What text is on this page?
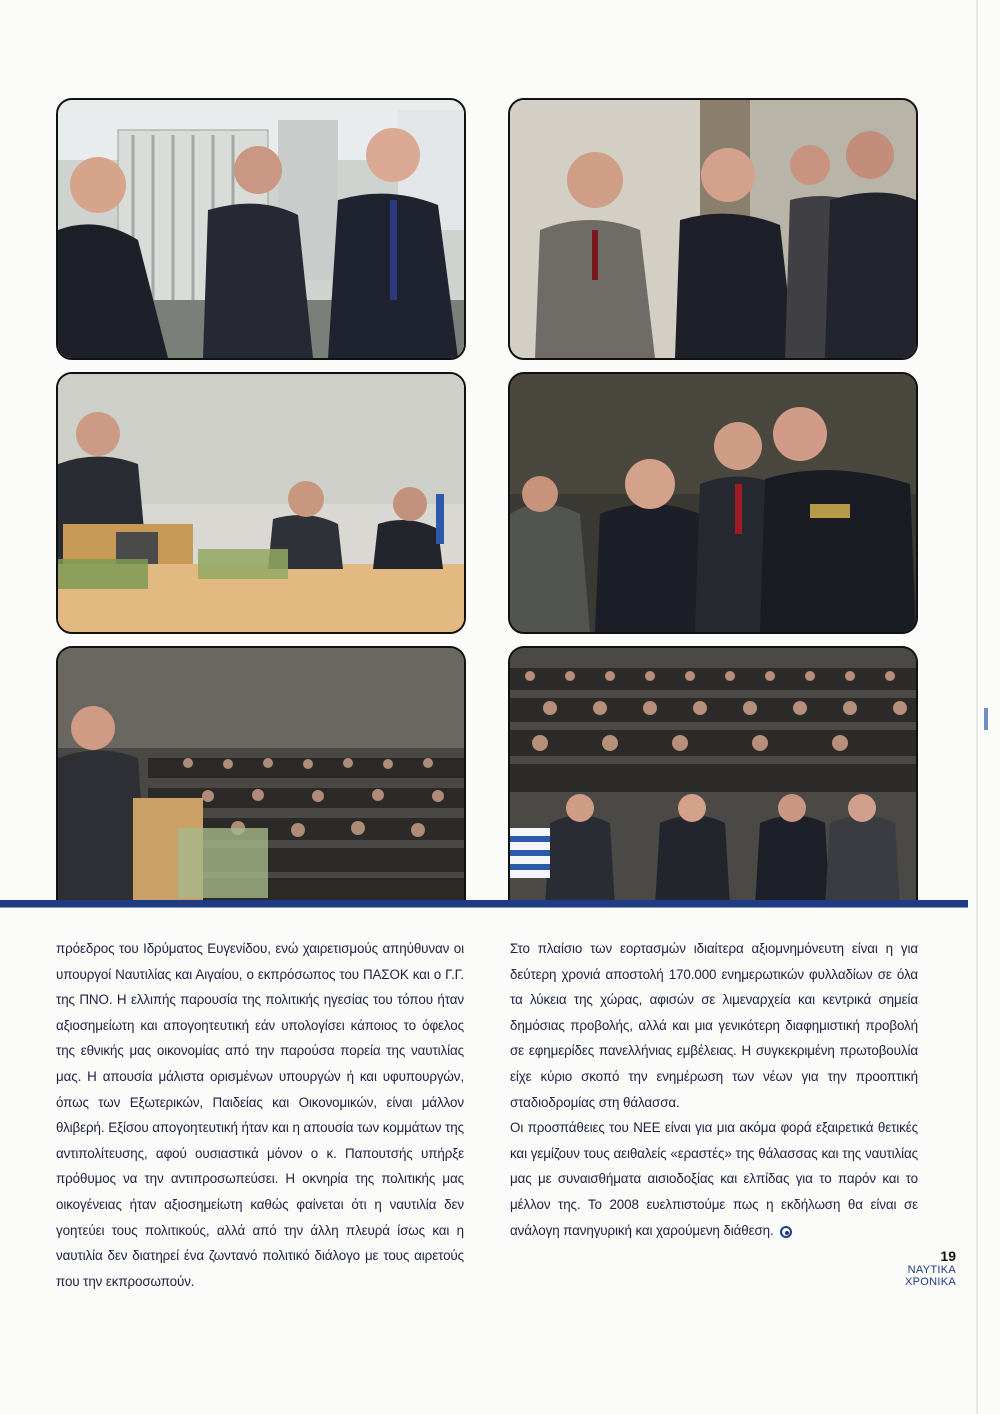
πρόεδρος του Ιδρύματος Ευγενίδου, ενώ χαιρετισμούς απηύθυναν οι υπουργοί Ναυτιλίας και Αιγαίου, ο εκπρόσωπος του ΠΑΣΟΚ και ο Γ.Γ. της ΠΝΟ. Η ελλιπής παρουσία της πολιτικής ηγεσίας του τόπου ήταν αξιοσημείωτη και απογοητευτική εάν υπολογίσει κάποιος το όφελος της εθνικής μας οικονομίας από την παρούσα πορεία της ναυτιλίας μας. Η απουσία μάλιστα ορισμένων υπουργών ή και υφυπουργών, όπως των Εξωτερικών, Παιδείας και Οικονομικών, είναι μάλλον θλιβερή. Εξίσου απογοητευτική ήταν και η απουσία των κομμάτων της αντιπολίτευσης, αφού ουσιαστικά μόνον ο κ. Παπουτσής υπήρξε πρόθυμος να την αντιπροσωπεύσει. Η οκνηρία της πολιτικής μας οικογένειας ήταν αξιοσημείωτη καθώς φαίνεται ότι η ναυτιλία δεν γοητεύει τους πολιτικούς, αλλά από την άλλη πλευρά ίσως και η ναυτιλία δεν διατηρεί ένα ζωντανό πολιτικό διάλογο με τους αιρετούς που την εκπροσωπούν.

Στο πλαίσιο των εορτασμών ιδιαίτερα αξιομνημόνευτη είναι η για δεύτερη χρονιά αποστολή 170.000 ενημερωτικών φυλλαδίων σε όλα τα λύκεια της χώρας, αφισών σε λιμεναρχεία και κεντρικά σημεία δημόσιας προβολής, αλλά και μια γενικότερη διαφημιστική προβολή σε εφημερίδες πανελλήνιας εμβέλειας. Η συγκεκριμένη πρωτοβουλία είχε κύριο σκοπό την ενημέρωση των νέων για την προοπτική σταδιοδρομίας στη θάλασσα.

Οι προσπάθειες του ΝΕΕ είναι για μια ακόμα φορά εξαιρετικά θετικές και γεμίζουν τους αειθαλείς «εραστές» της θάλασσας και της ναυτιλίας μας με συναισθήματα αισιοδοξίας και ελπίδας για το παρόν και το μέλλον της. Το 2008 ευελπιστούμε πως η εκδήλωση θα είναι σε ανάλογη πανηγυρική και χαρούμενη διάθεση.

19
ΝΑΥΤΙΚΑ
ΧΡΟΝΙΚΑ
